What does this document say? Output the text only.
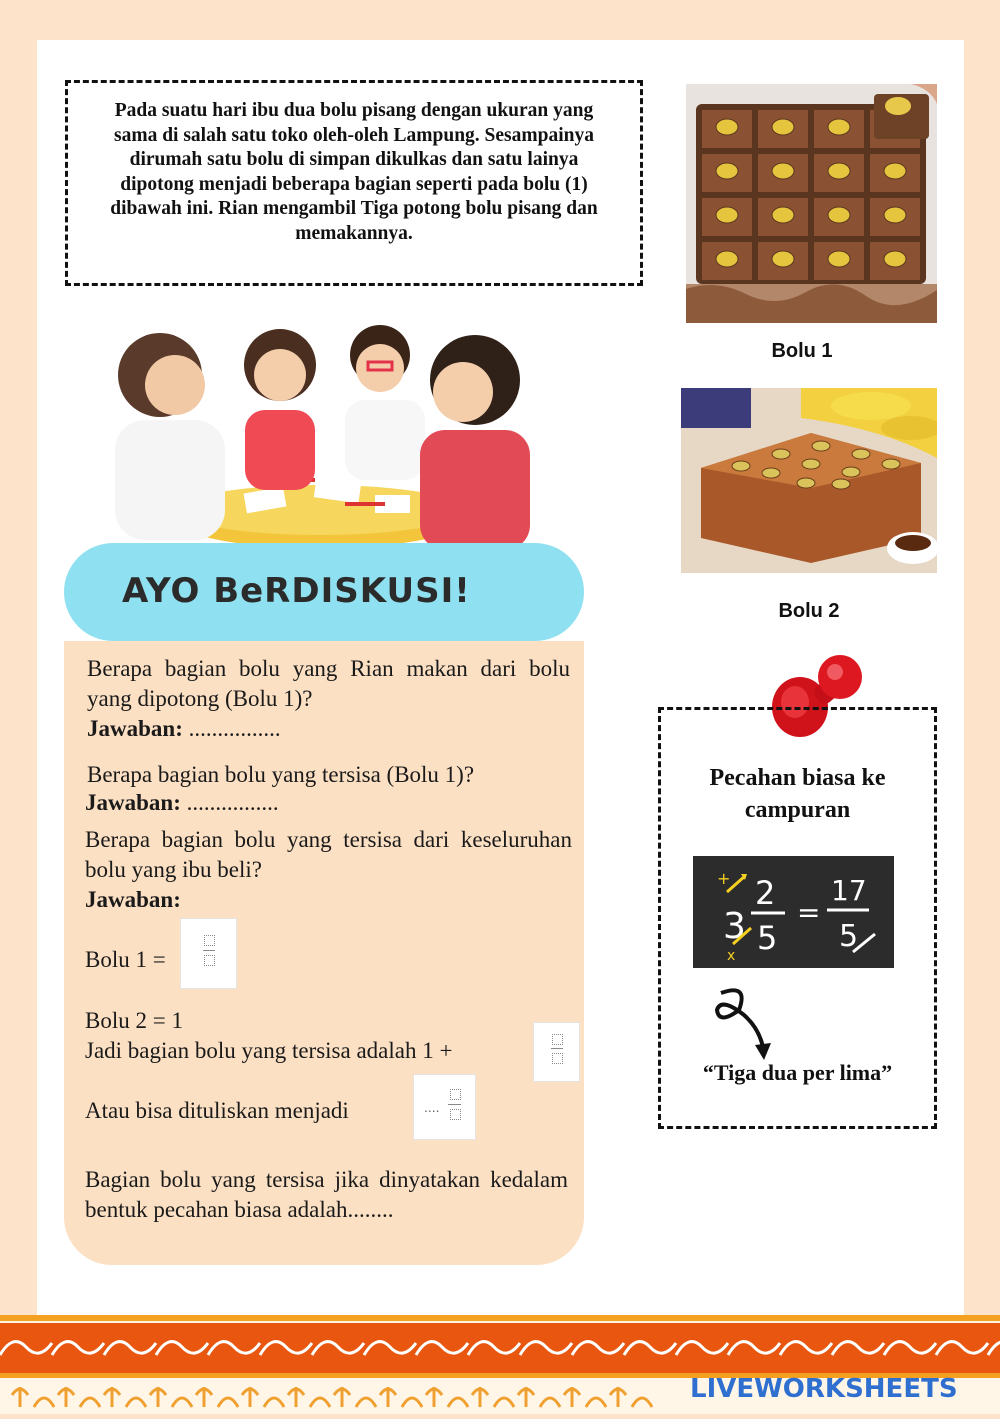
Pada suatu hari ibu dua bolu pisang dengan ukuran yang sama di salah satu toko oleh-oleh Lampung. Sesampainya dirumah satu bolu di simpan dikulkas dan satu lainya dipotong menjadi beberapa bagian seperti pada bolu (1) dibawah ini. Rian mengambil Tiga potong bolu pisang dan memakannya.
Bolu 1
Bolu 2
AYO BeRDISKUSI!
Berapa bagian bolu yang Rian makan dari bolu yang dipotong (Bolu 1)?
Jawaban: ................
Berapa bagian bolu yang tersisa (Bolu 1)?
Jawaban: ................
Berapa bagian bolu yang tersisa dari keseluruhan bolu yang ibu beli?
Jawaban:
Bolu 1 =
Bolu 2 = 1
Jadi bagian bolu yang tersisa adalah 1 +
Atau bisa dituliskan menjadi	....
Bagian bolu yang tersisa jika dinyatakan kedalam bentuk pecahan biasa adalah........
Pecahan biasa ke campuran
3
2
5
=
17
5
+
x
“Tiga dua per lima”
LIVEWORKSHEETS
